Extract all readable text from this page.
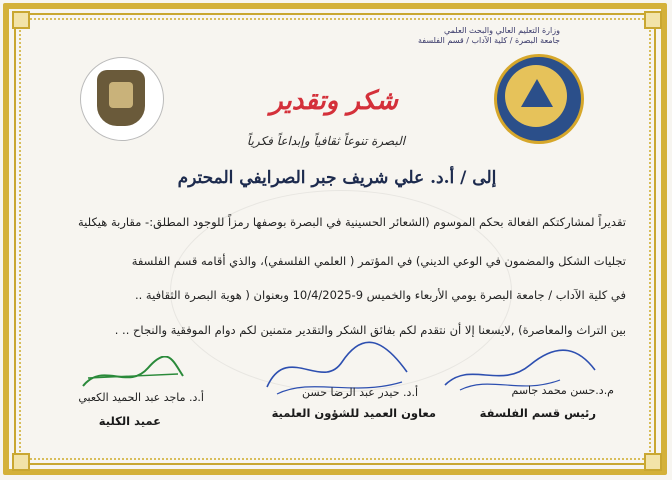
وزارة التعليم العالي والبحث العلمي
جامعة البصرة / كلية الآداب / قسم الفلسفة
شكر وتقدير
البصرة تنوعاً ثقافياً وإبداعاً فكرياً
إلى / أ.د. علي شريف جبر الصرايفي المحترم
تقديراً لمشاركتكم الفعالة بحكم الموسوم (الشعائر الحسينية في البصرة بوصفها رمزاً للوجود المطلق:- مقاربة هيكلية
تجليات الشكل والمضمون في الوعي الديني) في المؤتمر ( العلمي الفلسفي)، والذي أقامه قسم الفلسفة
في كلية الآداب / جامعة البصرة يومي الأربعاء والخميس 9-10/4/2025 وبعنوان ( هوية البصرة الثقافية ..
بين التراث والمعاصرة) ,لايسعنا إلا أن نتقدم لكم بفائق الشكر والتقدير متمنين لكم دوام الموفقية والنجاح .. .
م.د.حسن محمد جاسم
رئيس قسم الفلسفة
أ.د. حيدر عبد الرضا حسن
معاون العميد للشؤون العلمية
أ.د. ماجد عبد الحميد الكعبي
عميد الكلية
